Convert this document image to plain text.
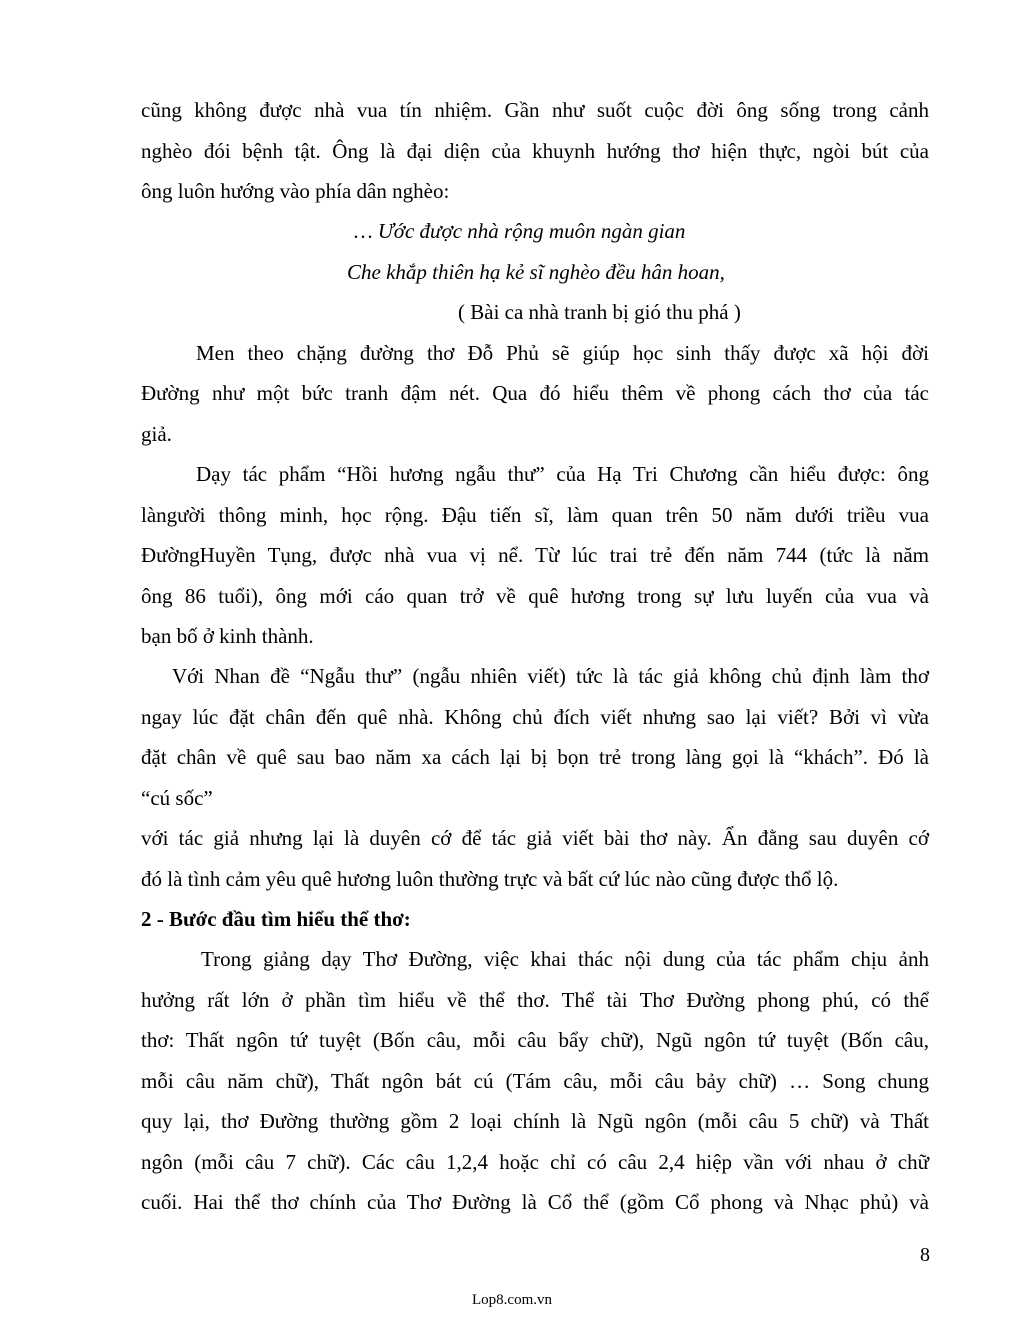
cũng không được nhà vua tín nhiệm. Gần như suốt cuộc đời ông sống trong cảnh
nghèo đói bệnh tật. Ông là đại diện của khuynh hướng thơ hiện thực, ngòi bút của
ông luôn hướng vào phía dân nghèo:
… Ước được nhà rộng muôn ngàn gian
Che khắp thiên hạ kẻ sĩ nghèo đều hân hoan,
( Bài ca nhà tranh bị gió thu phá )
Men theo chặng đường thơ Đỗ Phủ sẽ giúp học sinh thấy được xã hội đời
Đường như một bức tranh đậm nét. Qua đó hiểu thêm về phong cách thơ của tác
giả.
Dạy tác phẩm “Hồi hương ngẫu thư” của Hạ Tri Chương cần hiểu được: ông
làngười thông minh, học rộng. Đậu tiến sĩ, làm quan trên 50 năm dưới triều vua
ĐườngHuyền Tụng, được nhà vua vị nể. Từ lúc trai trẻ đến năm 744 (tức là năm
ông 86 tuổi), ông mới cáo quan trở về quê hương trong sự lưu luyến của vua và
bạn bố ở kinh thành.
Với Nhan đề “Ngẫu thư” (ngẫu nhiên viết) tức là tác giả không chủ định làm thơ
ngay lúc đặt chân đến quê nhà. Không chủ đích viết nhưng sao lại viết? Bởi vì vừa
đặt chân về quê sau bao năm xa cách lại bị bọn trẻ trong làng gọi là “khách”. Đó là
“cú sốc”
với tác giả nhưng lại là duyên cớ để tác giả viết bài thơ này. Ẩn đằng sau duyên cớ
đó là tình cảm yêu quê hương luôn thường trực và bất cứ lúc nào cũng được thổ lộ.
2 - Bước đầu tìm hiểu thể thơ:
Trong giảng dạy Thơ Đường, việc khai thác nội dung của tác phẩm chịu ảnh
hưởng rất lớn ở phần tìm hiểu về thể thơ. Thể tài Thơ Đường phong phú, có thể
thơ: Thất ngôn tứ tuyệt (Bốn câu, mỗi câu bẩy chữ), Ngũ ngôn tứ tuyệt (Bốn câu,
mỗi câu năm chữ), Thất ngôn bát cú (Tám câu, mỗi câu bảy chữ) … Song chung
quy lại, thơ Đường thường gồm 2 loại chính là Ngũ ngôn (mỗi câu 5 chữ) và Thất
ngôn (mỗi câu 7 chữ). Các câu 1,2,4 hoặc chỉ có câu 2,4 hiệp vần với nhau ở chữ
cuối. Hai thể thơ chính của Thơ Đường là Cổ thể (gồm Cổ phong và Nhạc phủ) và
8
Lop8.com.vn
